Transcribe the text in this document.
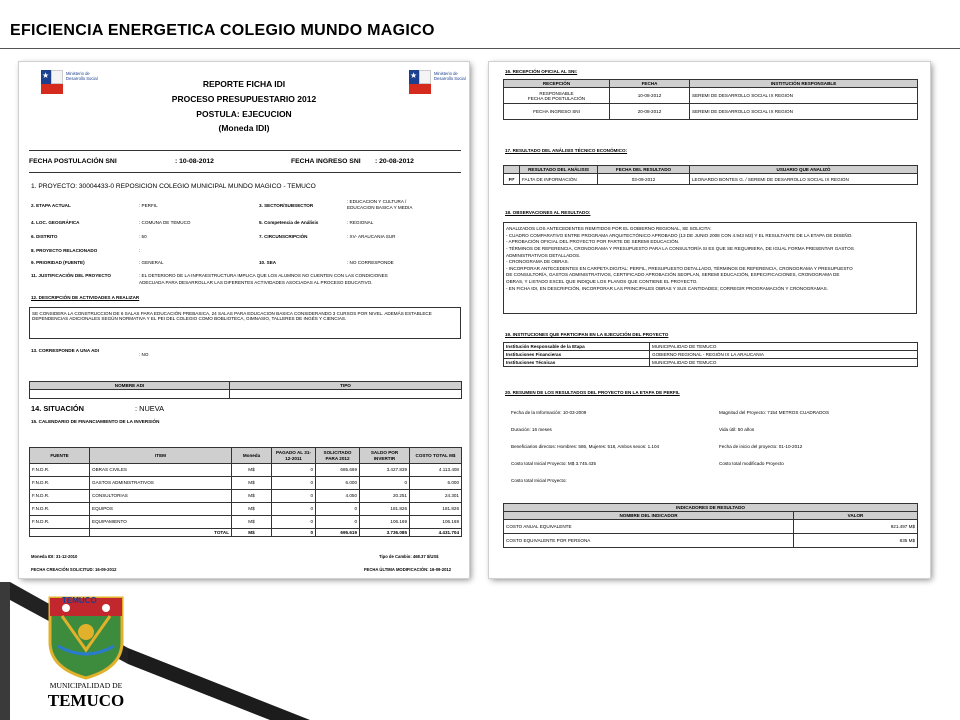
EFICIENCIA ENERGETICA COLEGIO MUNDO MAGICO
★	Ministerio de Desarrollo Social	★	Ministerio de Desarrollo Social
REPORTE FICHA IDI
PROCESO PRESUPUESTARIO 2012
POSTULA: EJECUCION
(Moneda IDI)
FECHA POSTULACIÓN SNI	: 10-08-2012	FECHA INGRESO SNI : 20-08-2012
1. PROYECTO: 30004433-0 REPOSICION COLEGIO MUNICIPAL MUNDO MAGICO - TEMUCO
2. ETAPA ACTUAL	: PERFIL	3. SECTOR/SUBSECTOR
: EDUCACION Y CULTURA /
EDUCACION BASICA Y MEDIA
4. LOC. GEOGRÁFICA	: COMUNA DE TEMUCO	5. Competencia de Análisis	: REGIONAL
6. DISTRITO	: 50	7. CIRCUNSCRIPCIÓN	: XV- ARAUCANIA SUR
8. PROYECTO RELACIONADO	:
9. PRIORIDAD (FUENTE)	: GENERAL	10. SEA	: NO CORRESPONDE
11. JUSTIFICACIÓN DEL PROYECTO	: EL DETERIORO DE LA INFRAESTRUCTURA IMPLICA QUE LOS ALUMNOS NO CUENTEN CON LAS CONDICIONES
ADECUADA PARA DESARROLLAR LAS DIFERENTES ACTIVIDADES ASOCIADAS AL PROCESO EDUCATIVO.
12. DESCRIPCIÓN DE ACTIVIDADES A REALIZAR
SE CONSIDERA LA CONSTRUCCION DE 6 SALAS PARA EDUCACIÓN PREBASICA, 24 SALAS PARA EDUCACION BASICA CONSIDERANDO 3 CURSOS POR NIVEL. ADEMÁS ESTABLECE DEPENDENCIAS ADICIONALES SEGÚN NORMATIVA Y EL PEI DEL COLEGIO COMO BOBLIOTECA, GIMNASIO, TALLERES DE INGÉS Y CIENCIAS.
13. CORRESPONDE A UNA ADI
: NO
NOMBRE ADI	TIPO

14. SITUACIÓN	: NUEVA
15. CALENDARIO DE FINANCIAMIENTO DE LA INVERSIÓN
FUENTE	ITEM	Moneda	PAGADO AL 31-12-2011	SOLICITADO PARA 2012	SALDO POR INVERTIR	COSTO TOTAL M$
F.N.D.R.	OBRAS CIVILES	M$	0	685.669	3.427.839	4.113.408
F.N.D.R.	GASTOS ADMINISTRATIVOS	M$	0	6.000	0	6.000
F.N.D.R.	CONSULTORIAS	M$	0	4.050	20.251	24.301
F.N.D.R.	EQUIPOS	M$	0	0	181.826	181.826
F.N.D.R.	EQUIPAMIENTO	M$	0	0	106.169	106.169
	TOTAL	M$	0	695.619	3.736.085	4.431.704
Moneda IDI: 31-12-2010	Tipo de Cambio: 468.37 $/US$
FECHA CREACIÓN SOLICITUD: 16-09-2012	FECHA ÚLTIMA MODIFICACIÓN: 16-09-2012
16. RECEPCIÓN OFICIAL AL SNI:
RECEPCIÓN	FECHA	INSTITUCIÓN RESPONSABLE
RESPONSABLE
FECHA DE POSTULACIÓN	10-08-2012	SEREMI DE DESARROLLO SOCIAL IX REGION
FECHA INGRESO SNI	20-08-2012	SEREMI DE DESARROLLO SOCIAL IX REGION
17. RESULTADO DEL ANÁLISIS TÉCNICO ECONÓMICO:
	RESULTADO DEL ANÁLISIS	FECHA DEL RESULTADO	USUARIO QUE ANALIZÓ
FI*	FALTA DE INFORMACIÓN	03-09-2012	LEONARDO BONTES G. / SEREMI DE DESARROLLO SOCIAL IX REGION
18. OBSERVACIONES AL RESULTADO:
ANALIZADOS LOS ANTECEDENTES REMITIDOS POR EL GOBIERNO REGIONAL, SE SOLICITA:
- CUADRO COMPARATIVO ENTRE PROGRAMA ARQUITECTÓNICO APROBADO (13 DE JUNIO 2008 CON 4.943 M2) Y EL RESULTANTE DE LA ETAPA DE DISEÑO.
- APROBACIÓN OFICIAL DEL PROYECTO POR PARTE DE SEREMI EDUCACIÓN.
- TÉRMINOS DE REFERENCIA, CRONOGRAMA Y PRESUPUESTO PARA LA CONSULTORÍA SI ES QUE SE REQUIRIERA, DE IGUAL FORMA PRESENTAR GASTOS
ADMINISTRATIVOS DETALLADOS.
- CRONOGRAMA DE OBRAS.
- INCORPORAR ANTECEDENTES EN CARPETA DIGITAL: PERFIL, PRESUPUESTO DETALLADO, TÉRMINOS DE REFERENCIA, CRONOGRAMA Y PRESUPUESTO
DE CONSULTORÍA, GASTOS ADMINISTRATIVOS, CERTIFICADO APROBACIÓN SEOPLAN, SEREMI EDUCACIÓN, ESPECIFICACIONES, CRONOGRAMA DE
OBRAS, Y LISTADO EXCEL QUE INDIQUE LOS PLANOS QUE CONTIENE EL PROYECTO.
- EN FICHA IDI, EN DESCRIPCIÓN, INCORPORAR LAS PRINCIPALES OBRAS Y SUS CANTIDADES; CORREGIR PROGRAMACIÓN Y CRONOGRAMAS.
19. INSTITUCIONES QUE PARTICIPAN EN LA EJECUCIÓN DEL PROYECTO
Institución Responsable de la Etapa	MUNICIPALIDAD DE TEMUCO
Instituciones Financieras	GOBIERNO REGIONAL - REGIÓN IX LA ARAUCANIA
Instituciones Técnicas	MUNICIPALIDAD DE TEMUCO
20. RESUMEN DE LOS RESULTADOS DEL PROYECTO EN LA ETAPA DE PERFIL
Fecha de la Información: 10-03-2009
Duración: 16 meses
Beneficiarios directos: Hombres: 586, Mujeres: 518, Ambos sexos: 1.104
Costo total Inicial Proyecto: M$ 3.745.435
Costo total Inicial Proyecto:
Magnitud del Proyecto: 7154 METROS CUADRADOS
Vida útil: 50 años
Fecha de inicio del proyecto: 01-10-2012
Costo total modificado Proyecto
INDICADORES DE RESULTADO	
NOMBRE DEL INDICADOR	VALOR
COSTO ANUAL EQUIVALENTE	921.497 M$
COSTO EQUIVALENTE POR PERSONA	835 M$
TEMUCO
MUNICIPALIDAD DE
TEMUCO
